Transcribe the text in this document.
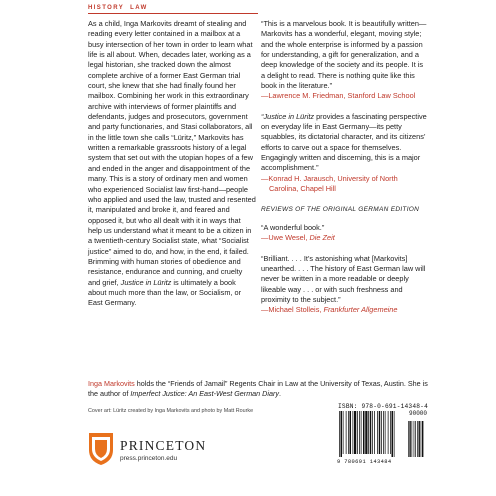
HISTORY LAW

As a child, Inga Markovits dreamt of stealing and reading every letter contained in a mailbox at a busy intersection of her town in order to learn what life is all about. When, decades later, working as a legal historian, she tracked down the almost complete archive of a former East German trial court, she knew that she had finally found her mailbox. Combining her work in this extraordinary archive with interviews of former plaintiffs and defendants, judges and prosecutors, government and party functionaries, and Stasi collaborators, all in the little town she calls “Lüritz,” Markovits has written a remarkable grassroots history of a legal system that set out with the utopian hopes of a few and ended in the anger and disappointment of the many. This is a story of ordinary men and women who experienced Socialist law first-hand—people who applied and used the law, trusted and resented it, manipulated and broke it, and feared and opposed it, but who all dealt with it in ways that help us understand what it meant to be a citizen in a twentieth-century Socialist state, what “Socialist justice” aimed to do, and how, in the end, it failed. Brimming with human stories of obedience and resistance, endurance and cunning, and cruelty and grief, Justice in Lüritz is ultimately a book about much more than the law, or Socialism, or East Germany.

“This is a marvelous book. It is beautifully written—Markovits has a wonderful, elegant, moving style; and the whole enterprise is informed by a passion for understanding, a gift for generalization, and a deep knowledge of the society and its people. It is a delight to read. There is nothing quite like this book in the literature.”

—Lawrence M. Friedman, Stanford Law School

“Justice in Lüritz provides a fascinating perspective on everyday life in East Germany—its petty squabbles, its dictatorial character, and its citizens’ efforts to carve out a space for themselves. Engagingly written and discerning, this is a major accomplishment.”

—Konrad H. Jarausch, University of North Carolina, Chapel Hill

REVIEWS OF THE ORIGINAL GERMAN EDITION

“A wonderful book.”

—Uwe Wesel, Die Zeit

“Brilliant. . . . It’s astonishing what [Markovits] unearthed. . . . The history of East German law will never be written in a more readable or deeply likeable way . . . or with such freshness and proximity to the subject.”

—Michael Stolleis, Frankfurter Allgemeine

Inga Markovits holds the “Friends of Jamail” Regents Chair in Law at the University of Texas, Austin. She is the author of Imperfect Justice: An East-West German Diary.
Cover art: Lüritz created by Inga Markovits and photo by Matt Rourke
PRINCETON
press.princeton.edu
ISBN: 978-0-691-14348-4
90000
9 780691 143484
